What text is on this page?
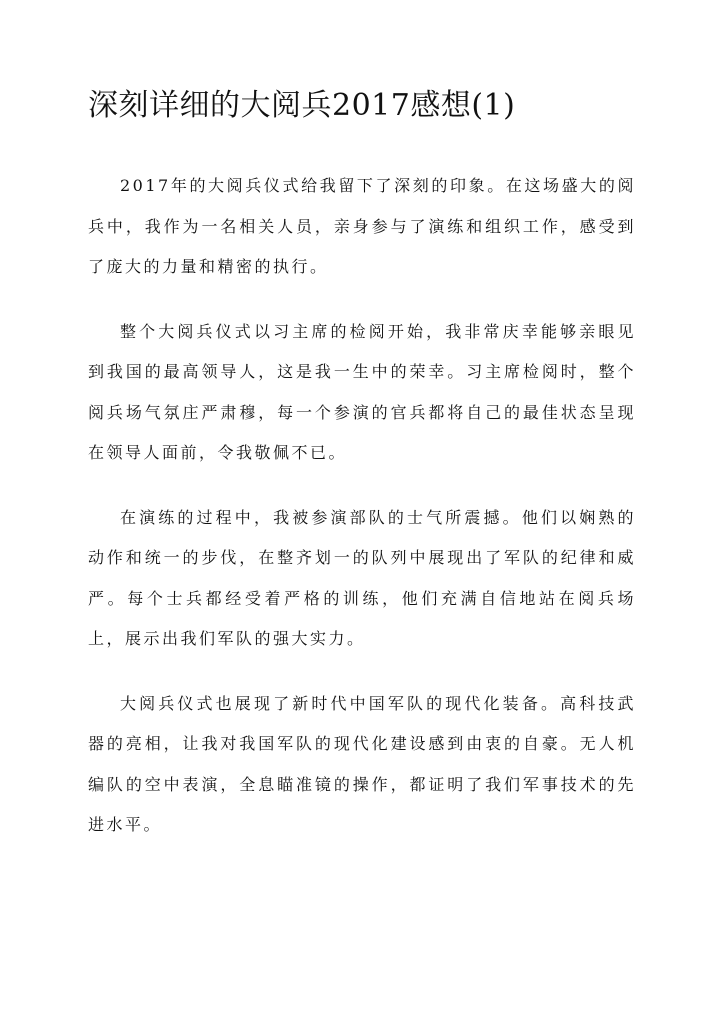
深刻详细的大阅兵2017感想(1)

2017年的大阅兵仪式给我留下了深刻的印象。在这场盛大的阅兵中，我作为一名相关人员，亲身参与了演练和组织工作，感受到了庞大的力量和精密的执行。

整个大阅兵仪式以习主席的检阅开始，我非常庆幸能够亲眼见到我国的最高领导人，这是我一生中的荣幸。习主席检阅时，整个阅兵场气氛庄严肃穆，每一个参演的官兵都将自己的最佳状态呈现在领导人面前，令我敬佩不已。

在演练的过程中，我被参演部队的士气所震撼。他们以娴熟的动作和统一的步伐，在整齐划一的队列中展现出了军队的纪律和威严。每个士兵都经受着严格的训练，他们充满自信地站在阅兵场上，展示出我们军队的强大实力。

大阅兵仪式也展现了新时代中国军队的现代化装备。高科技武器的亮相，让我对我国军队的现代化建设感到由衷的自豪。无人机编队的空中表演，全息瞄准镜的操作，都证明了我们军事技术的先进水平。
